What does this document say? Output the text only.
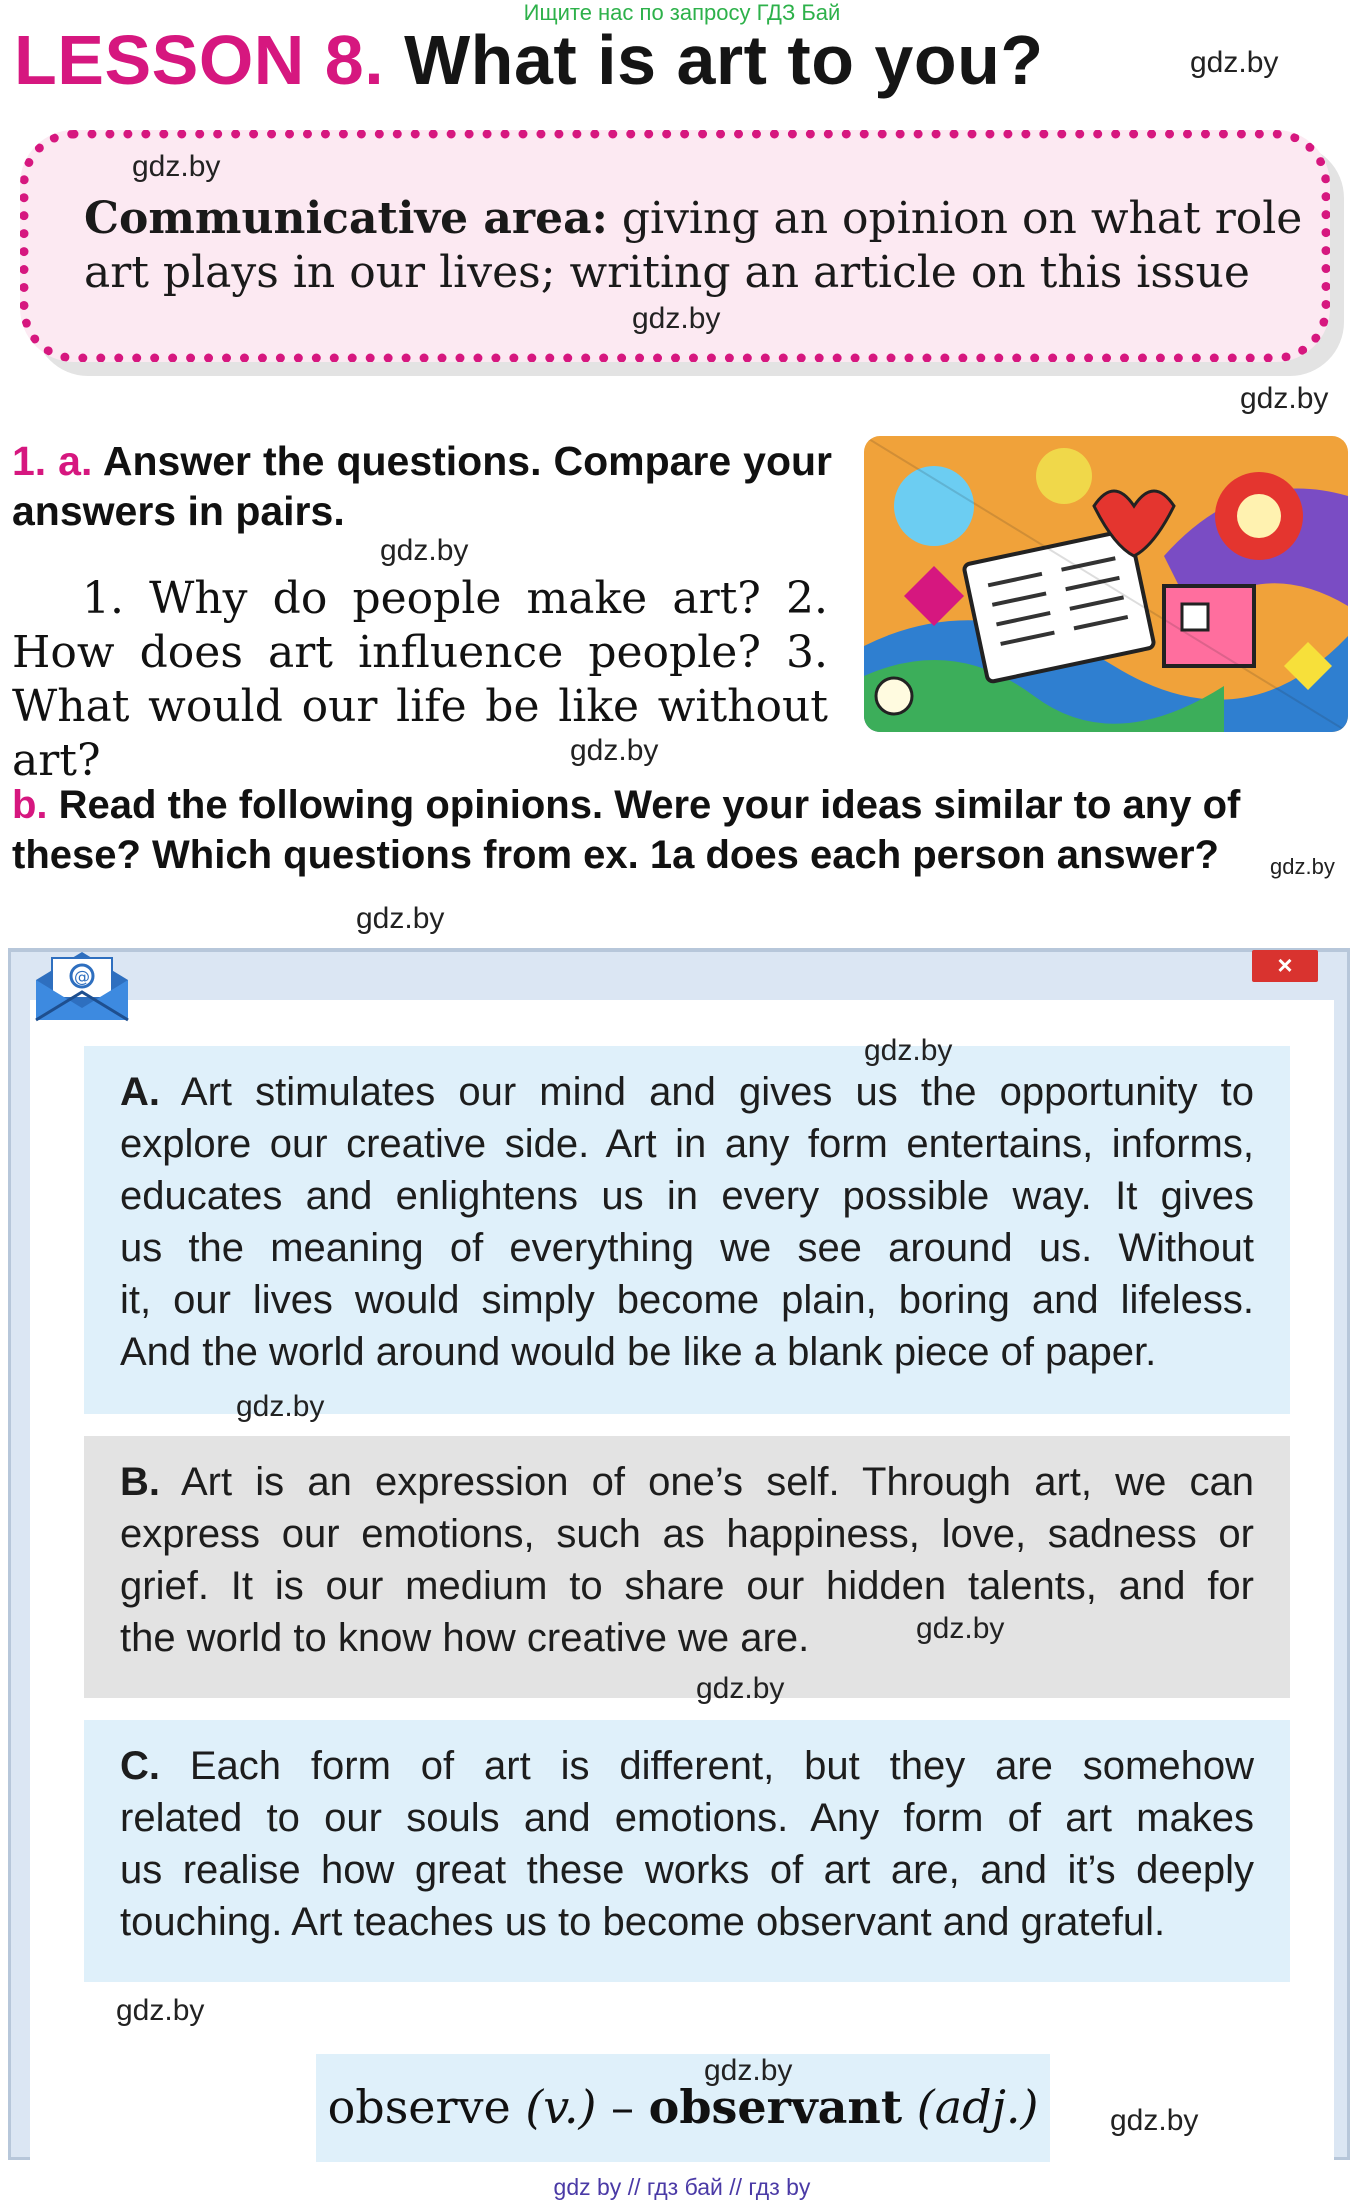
Ищите нас по запросу ГДЗ Бай
LESSON 8. What is art to you?
Communicative area: giving an opinion on what role art plays in our lives; writing an article on this issue
1. a. Answer the questions. Compare your answers in pairs.
1. Why do people make art? 2. How does art influence people? 3. What would our life be like without art?
b. Read the following opinions. Were your ideas similar to any of these? Which questions from ex. 1a does each person answer?
×
@
A. Art stimulates our mind and gives us the opportunity to
explore our creative side. Art in any form entertains, informs,
educates and enlightens us in every possible way. It gives
us the meaning of everything we see around us. Without
it, our lives would simply become plain, boring and lifeless.
And the world around would be like a blank piece of paper.
B. Art is an expression of one’s self. Through art, we can
express our emotions, such as happiness, love, sadness or
grief. It is our medium to share our hidden talents, and for
the world to know how creative we are.
C. Each form of art is different, but they are somehow
related to our souls and emotions. Any form of art makes
us realise how great these works of art are, and it’s deeply
touching. Art teaches us to become observant and grateful.
observe (v.) – observant (adj.)
gdz.by
gdz.by
gdz.by
gdz.by
gdz.by
gdz.by
gdz.by
gdz.by
gdz.by
gdz.by
gdz.by
gdz.by
gdz.by
gdz.by
gdz.by
gdz by // гдз бай // гдз by
